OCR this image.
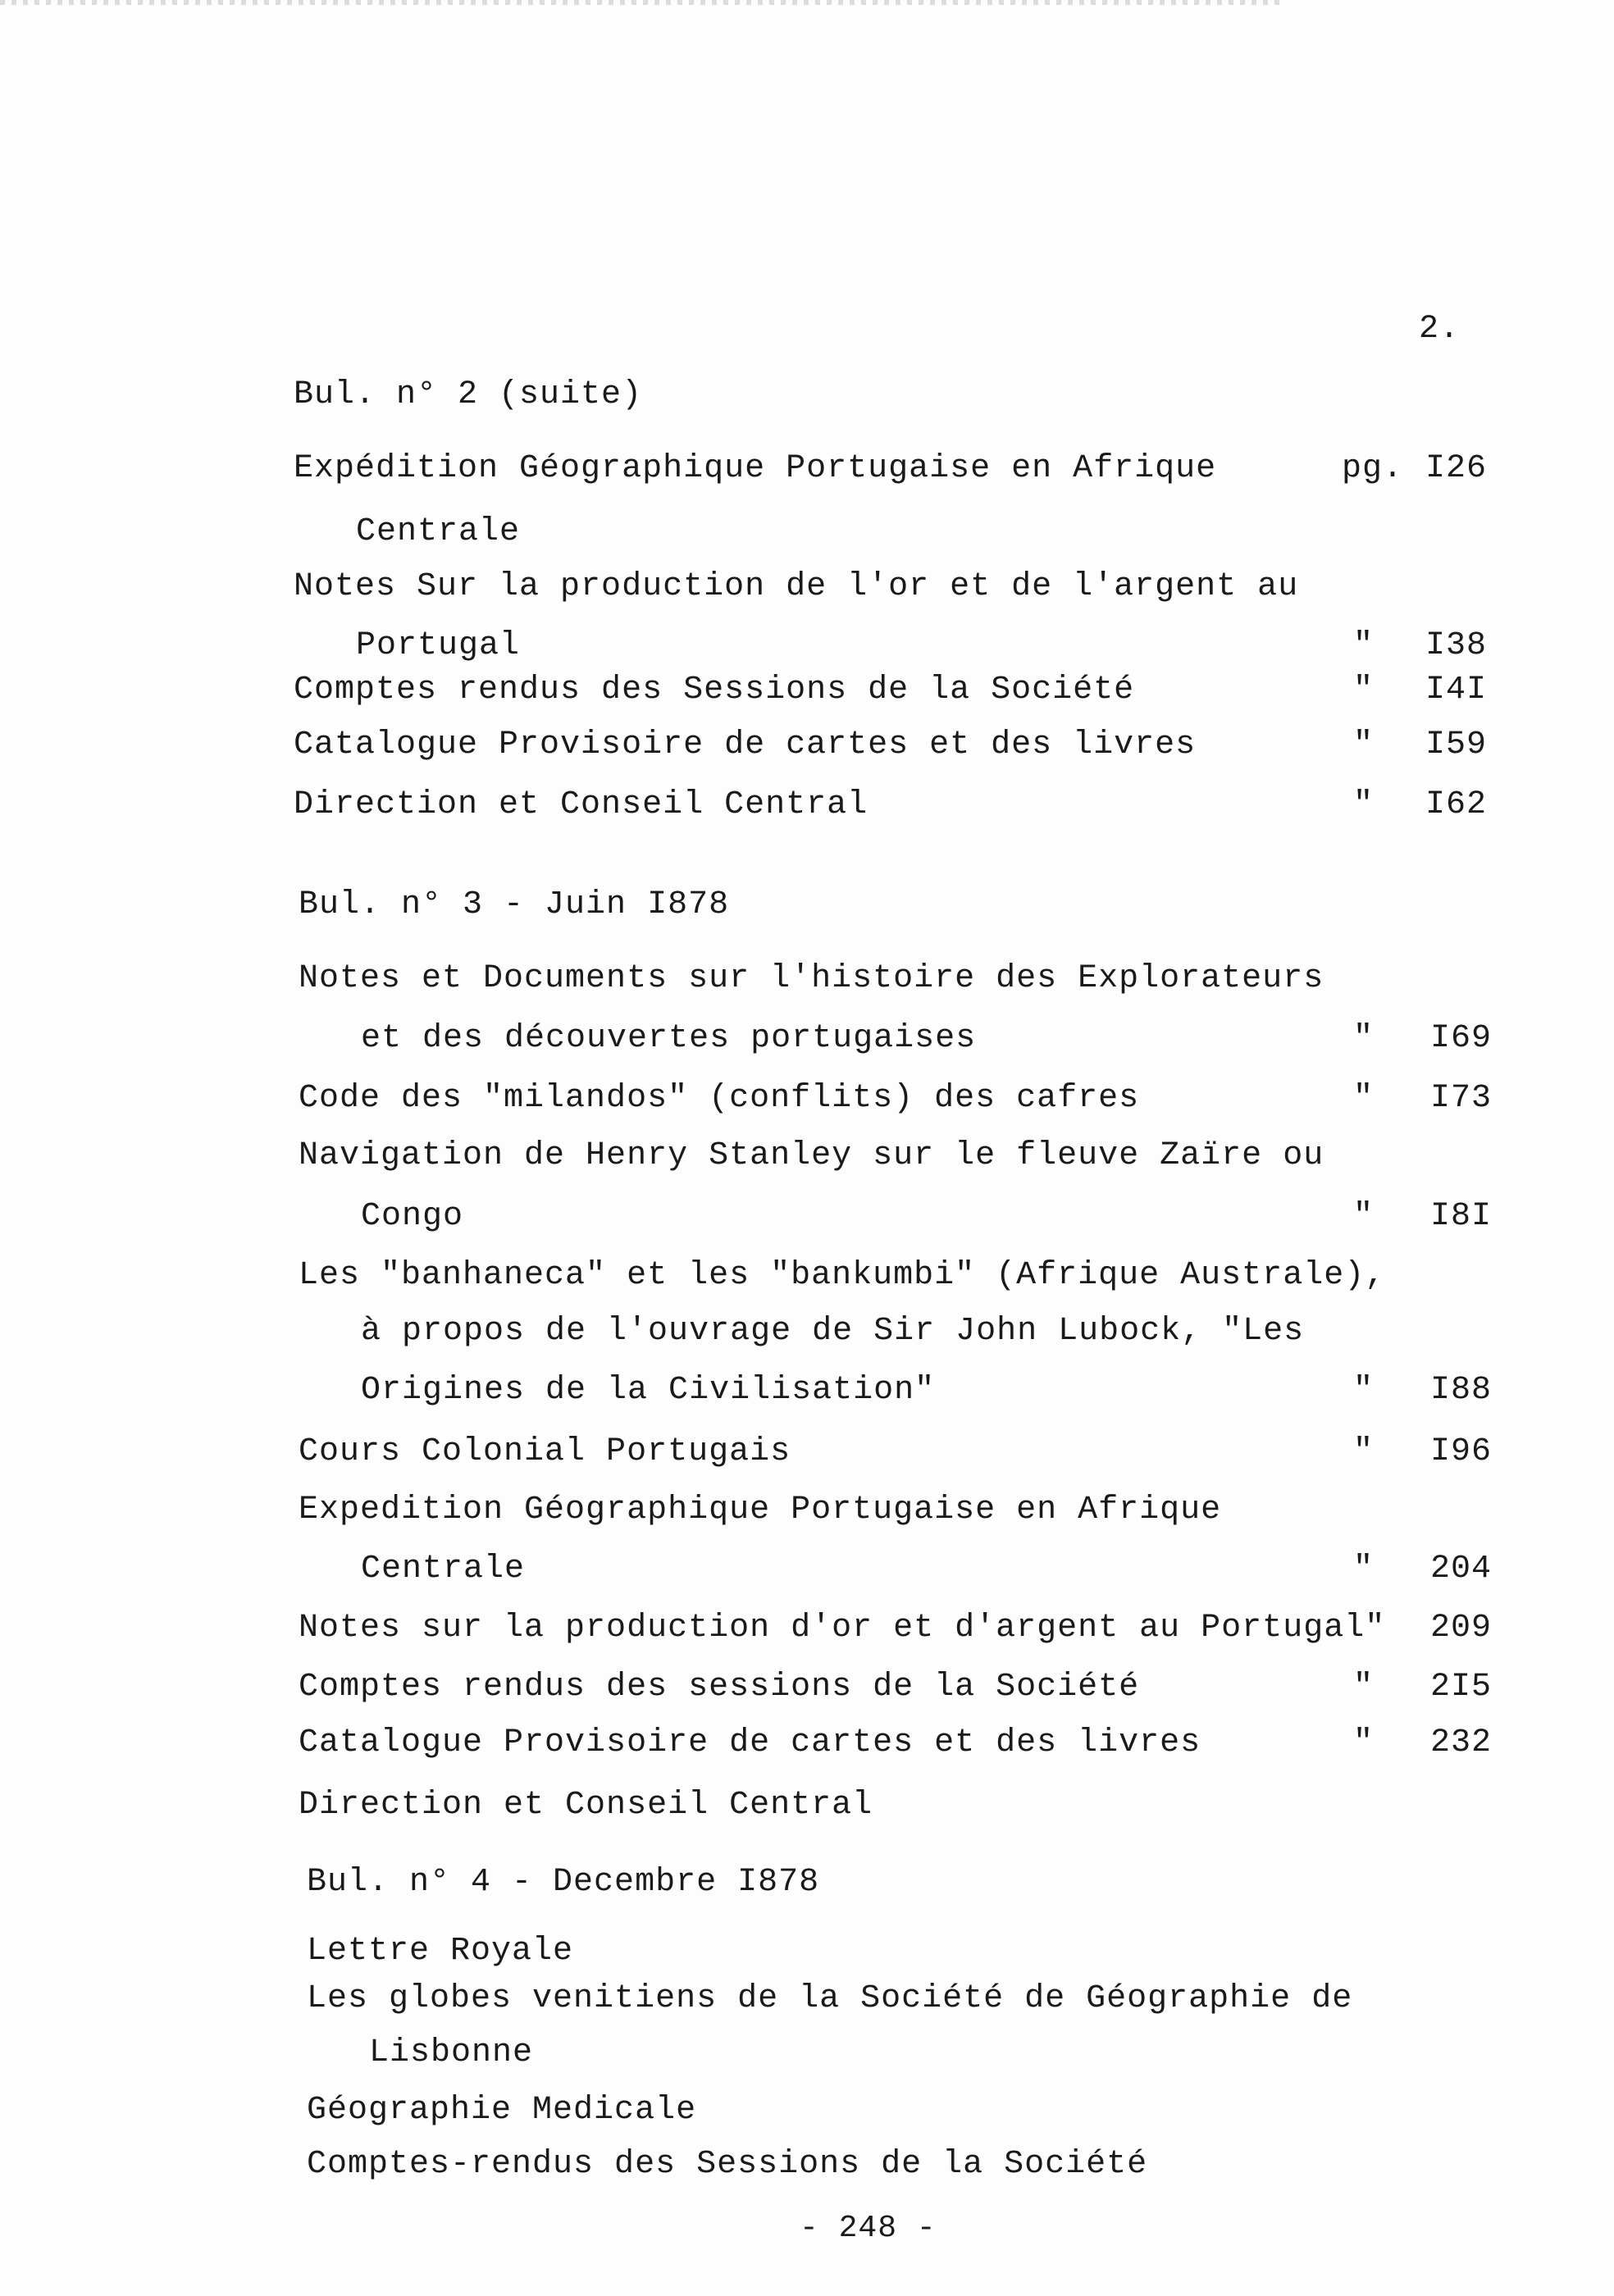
2.
- 248 -
Bul. n° 2 (suite)
Expédition Géographique Portugaise en Afrique
Centrale
pg. I26
Notes Sur la production de l'or et de l'argent au
Portugal	" I38
Comptes rendus des Sessions de la Société	" I4I
Catalogue Provisoire de cartes et des livres	" I59
Direction et Conseil Central	" I62
Bul. n° 3 - Juin I878
Notes et Documents sur l'histoire des Explorateurs
et des découvertes portugaises	" I69
Code des "milandos" (conflits) des cafres	" I73
Navigation de Henry Stanley sur le fleuve Zaïre ou
Congo	" I8I
Les "banhaneca" et les "bankumbi" (Afrique Australe),
à propos de l'ouvrage de Sir John Lubock, "Les
Origines de la Civilisation"	" I88
Cours Colonial Portugais	" I96
Expedition Géographique Portugaise en Afrique
Centrale	" 204
Notes sur la production d'or et d'argent au Portugal" 209
Comptes rendus des sessions de la Société	" 2I5
Catalogue Provisoire de cartes et des livres	" 232
Direction et Conseil Central
Bul. n° 4 - Decembre I878
Lettre Royale
Les globes venitiens de la Société de Géographie de
Lisbonne
Géographie Medicale
Comptes-rendus des Sessions de la Société
